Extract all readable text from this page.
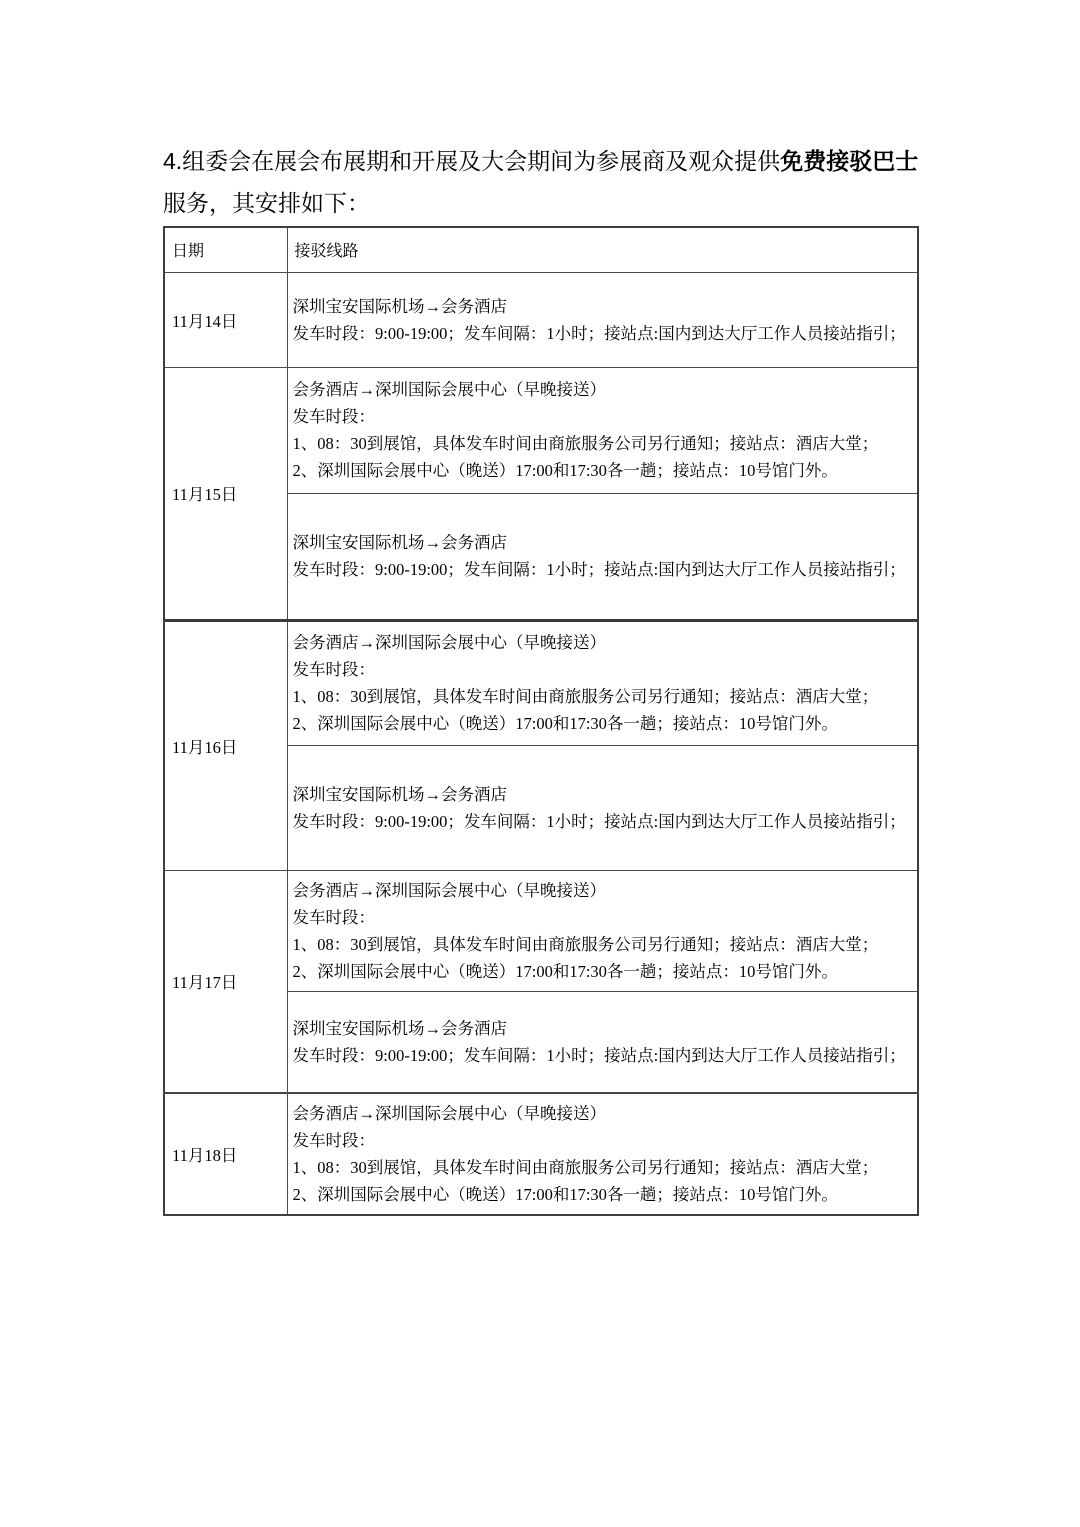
4.组委会在展会布展期和开展及大会期间为参展商及观众提供免费接驳巴士服务，其安排如下：

日期	接驳线路
11月14日	深圳宝安国际机场→会务酒店
发车时段：9:00-19:00；发车间隔：1小时；接站点:国内到达大厅工作人员接站指引；

11月15日	会务酒店→深圳国际会展中心（早晚接送）
发车时段：
1、08：30到展馆，具体发车时间由商旅服务公司另行通知；接站点：酒店大堂；
2、深圳国际会展中心（晚送）17:00和17:30各一趟；接站点：10号馆门外。

	深圳宝安国际机场→会务酒店
发车时段：9:00-19:00；发车间隔：1小时；接站点:国内到达大厅工作人员接站指引；

11月16日	会务酒店→深圳国际会展中心（早晚接送）
发车时段：
1、08：30到展馆，具体发车时间由商旅服务公司另行通知；接站点：酒店大堂；
2、深圳国际会展中心（晚送）17:00和17:30各一趟；接站点：10号馆门外。

	深圳宝安国际机场→会务酒店
发车时段：9:00-19:00；发车间隔：1小时；接站点:国内到达大厅工作人员接站指引；

11月17日	会务酒店→深圳国际会展中心（早晚接送）
发车时段：
1、08：30到展馆，具体发车时间由商旅服务公司另行通知；接站点：酒店大堂；
2、深圳国际会展中心（晚送）17:00和17:30各一趟；接站点：10号馆门外。

	深圳宝安国际机场→会务酒店
发车时段：9:00-19:00；发车间隔：1小时；接站点:国内到达大厅工作人员接站指引；

11月18日	会务酒店→深圳国际会展中心（早晚接送）
发车时段：
1、08：30到展馆，具体发车时间由商旅服务公司另行通知；接站点：酒店大堂；
2、深圳国际会展中心（晚送）17:00和17:30各一趟；接站点：10号馆门外。
